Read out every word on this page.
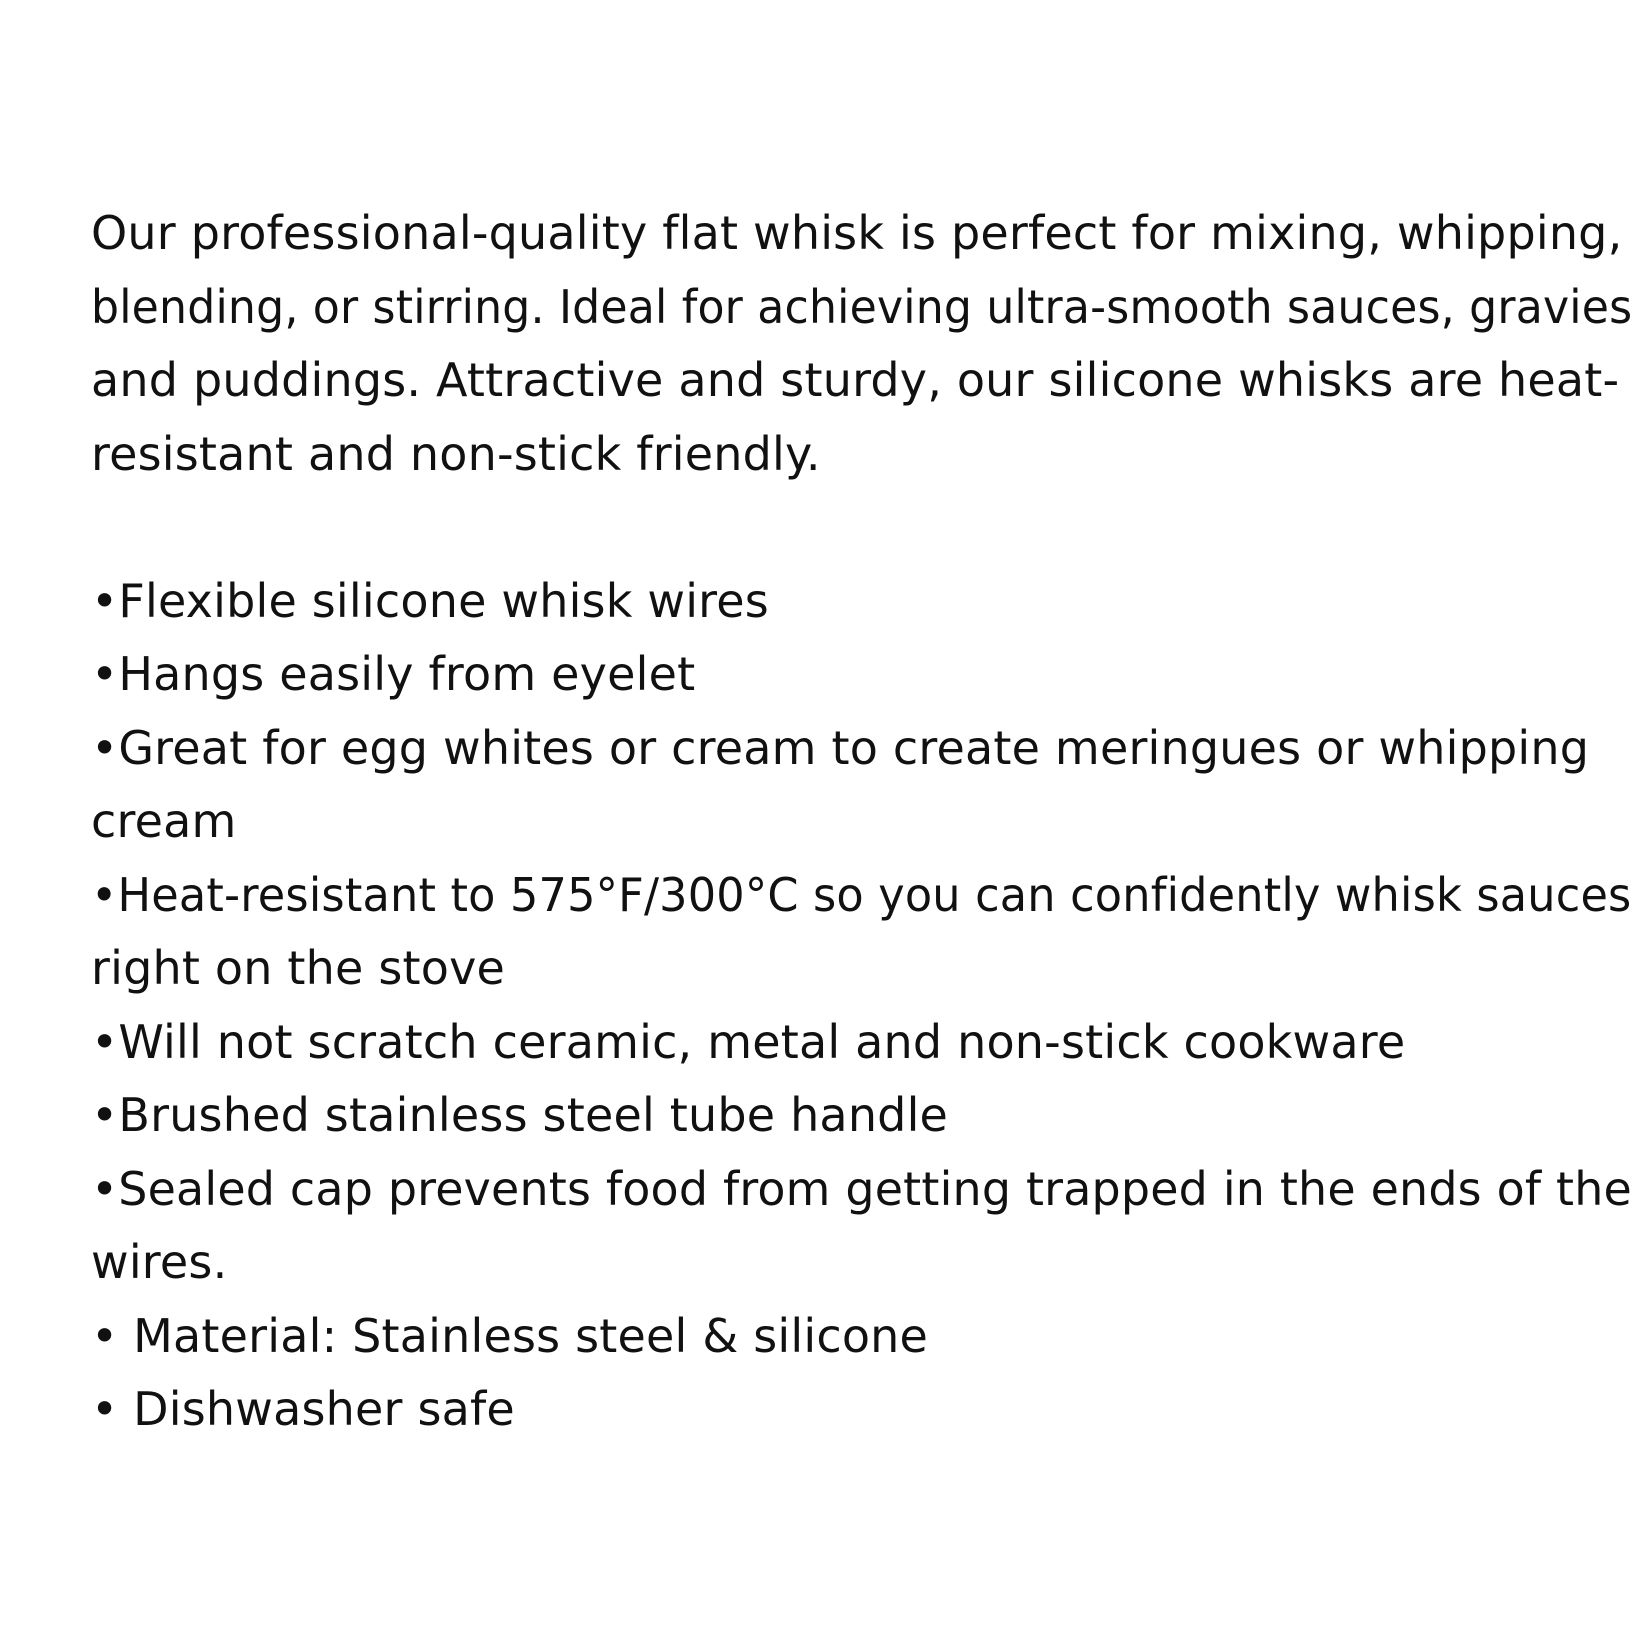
Our professional-quality flat whisk is perfect for mixing, whipping,
blending, or stirring. Ideal for achieving ultra-smooth sauces, gravies
and puddings. Attractive and sturdy, our silicone whisks are heat-
resistant and non-stick friendly.
•Flexible silicone whisk wires
•Hangs easily from eyelet
•Great for egg whites or cream to create meringues or whipping
cream
•Heat-resistant to 575°F/300°C so you can confidently whisk sauces
right on the stove
•Will not scratch ceramic, metal and non-stick cookware
•Brushed stainless steel tube handle
•Sealed cap prevents food from getting trapped in the ends of the
wires.
• Material: Stainless steel & silicone
• Dishwasher safe
